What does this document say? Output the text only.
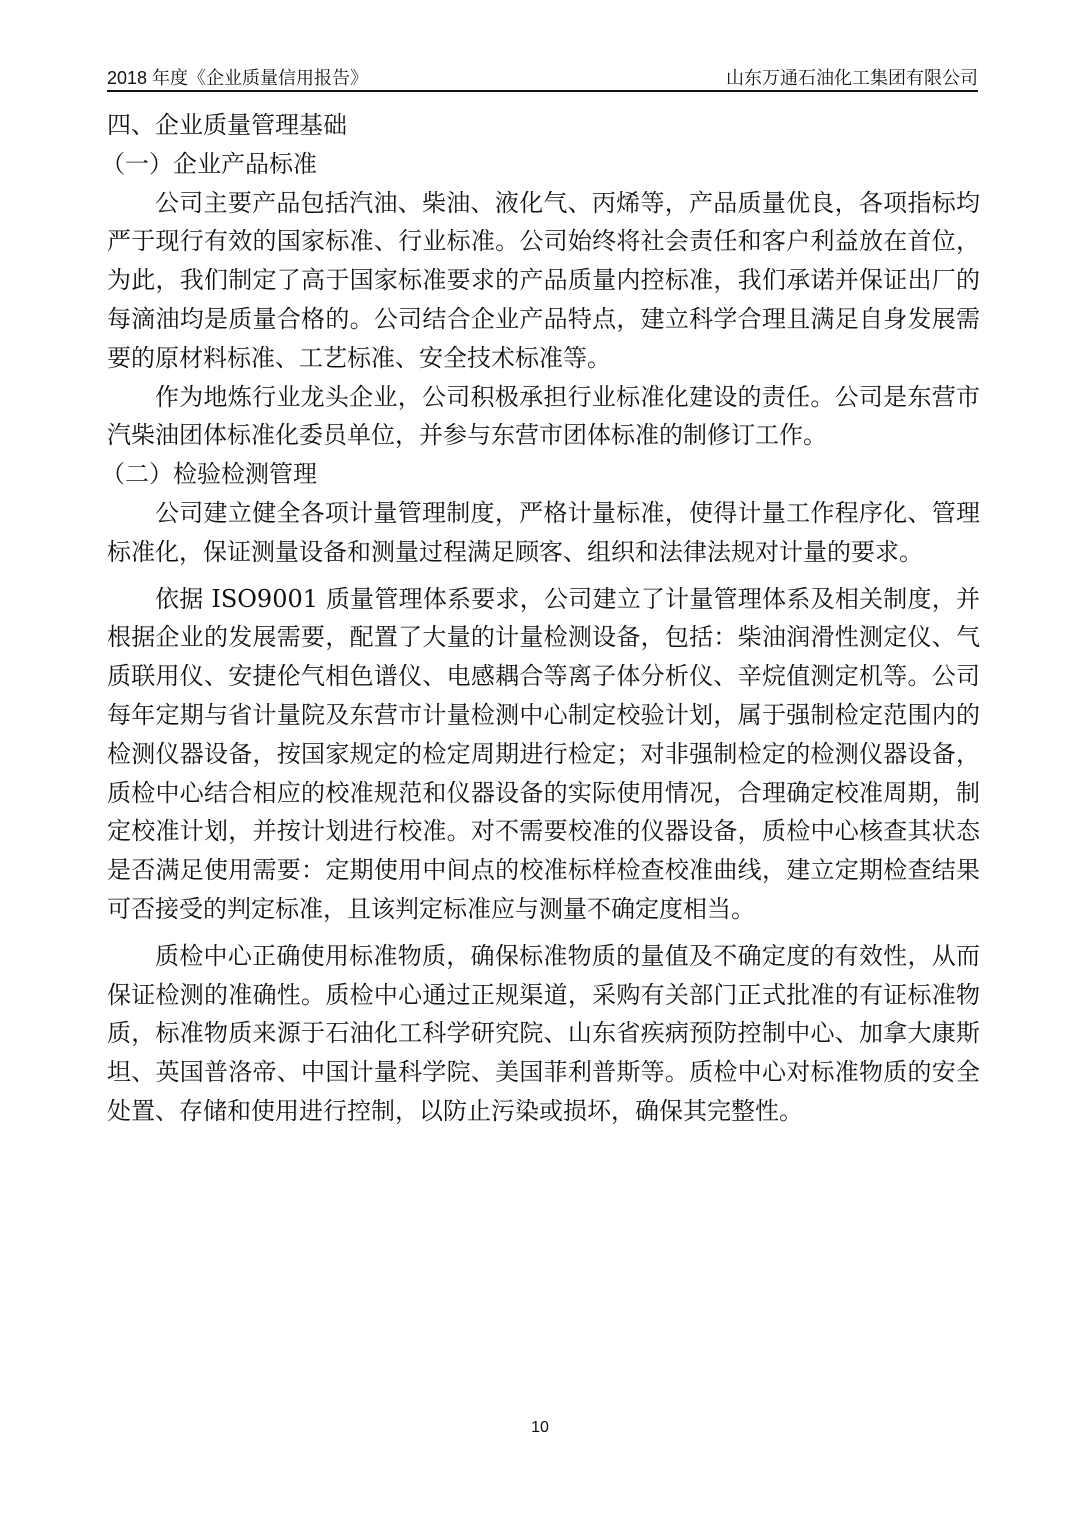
2018 年度《企业质量信用报告》	山东万通石油化工集团有限公司
四、企业质量管理基础
（一）企业产品标准

公司主要产品包括汽油、柴油、液化气、丙烯等，产品质量优良，各项指标均严于现行有效的国家标准、行业标准。公司始终将社会责任和客户利益放在首位，为此，我们制定了高于国家标准要求的产品质量内控标准，我们承诺并保证出厂的每滴油均是质量合格的。公司结合企业产品特点，建立科学合理且满足自身发展需要的原材料标准、工艺标准、安全技术标准等。

作为地炼行业龙头企业，公司积极承担行业标准化建设的责任。公司是东营市汽柴油团体标准化委员单位，并参与东营市团体标准的制修订工作。

（二）检验检测管理

公司建立健全各项计量管理制度，严格计量标准，使得计量工作程序化、管理标准化，保证测量设备和测量过程满足顾客、组织和法律法规对计量的要求。

依据 ISO9001 质量管理体系要求，公司建立了计量管理体系及相关制度，并根据企业的发展需要，配置了大量的计量检测设备，包括：柴油润滑性测定仪、气质联用仪、安捷伦气相色谱仪、电感耦合等离子体分析仪、辛烷值测定机等。公司每年定期与省计量院及东营市计量检测中心制定校验计划，属于强制检定范围内的检测仪器设备，按国家规定的检定周期进行检定；对非强制检定的检测仪器设备，质检中心结合相应的校准规范和仪器设备的实际使用情况，合理确定校准周期，制定校准计划，并按计划进行校准。对不需要校准的仪器设备，质检中心核查其状态是否满足使用需要：定期使用中间点的校准标样检查校准曲线，建立定期检查结果可否接受的判定标准，且该判定标准应与测量不确定度相当。

质检中心正确使用标准物质，确保标准物质的量值及不确定度的有效性，从而保证检测的准确性。质检中心通过正规渠道，采购有关部门正式批准的有证标准物质，标准物质来源于石油化工科学研究院、山东省疾病预防控制中心、加拿大康斯坦、英国普洛帝、中国计量科学院、美国菲利普斯等。质检中心对标准物质的安全处置、存储和使用进行控制，以防止污染或损坏，确保其完整性。

10
